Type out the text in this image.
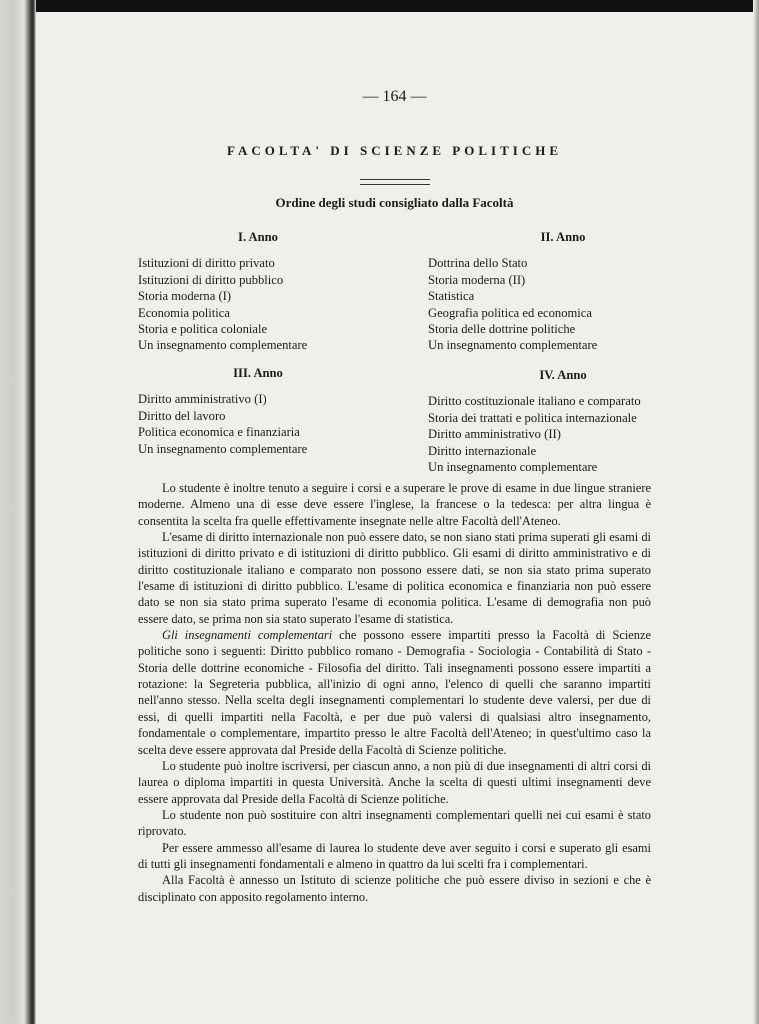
— 164 —
FACOLTA' DI SCIENZE POLITICHE
Ordine degli studi consigliato dalla Facoltà
I. Anno
Istituzioni di diritto privato
Istituzioni di diritto pubblico
Storia moderna (I)
Economia politica
Storia e politica coloniale
Un insegnamento complementare
II. Anno
Dottrina dello Stato
Storia moderna (II)
Statistica
Geografia politica ed economica
Storia delle dottrine politiche
Un insegnamento complementare
III. Anno
Diritto amministrativo (I)
Diritto del lavoro
Politica economica e finanziaria
Un insegnamento complementare
IV. Anno
Diritto costituzionale italiano e comparato
Storia dei trattati e politica internazionale
Diritto amministrativo (II)
Diritto internazionale
Un insegnamento complementare

Lo studente è inoltre tenuto a seguire i corsi e a superare le prove di esame in due lingue straniere moderne. Almeno una di esse deve essere l'inglese, la francese o la tedesca: per altra lingua è consentita la scelta fra quelle effettivamente insegnate nelle altre Facoltà dell'Ateneo.

L'esame di diritto internazionale non può essere dato, se non siano stati prima superati gli esami di istituzioni di diritto privato e di istituzioni di diritto pubblico. Gli esami di diritto amministrativo e di diritto costituzionale italiano e comparato non possono essere dati, se non sia stato prima superato l'esame di istituzioni di diritto pubblico. L'esame di politica economica e finanziaria non può essere dato se non sia stato prima superato l'esame di economia politica. L'esame di demografia non può essere dato, se prima non sia stato superato l'esame di statistica.

Gli insegnamenti complementari che possono essere impartiti presso la Facoltà di Scienze politiche sono i seguenti: Diritto pubblico romano - Demografia - Sociologia - Contabilità di Stato - Storia delle dottrine economiche - Filosofia del diritto. Tali insegnamenti possono essere impartiti a rotazione: la Segreteria pubblica, all'inizio di ogni anno, l'elenco di quelli che saranno impartiti nell'anno stesso. Nella scelta degli insegnamenti complementari lo studente deve valersi, per due di essi, di quelli impartiti nella Facoltà, e per due può valersi di qualsiasi altro insegnamento, fondamentale o complementare, impartito presso le altre Facoltà dell'Ateneo; in quest'ultimo caso la scelta deve essere approvata dal Preside della Facoltà di Scienze politiche.

Lo studente può inoltre iscriversi, per ciascun anno, a non più di due insegnamenti di altri corsi di laurea o diploma impartiti in questa Università. Anche la scelta di questi ultimi insegnamenti deve essere approvata dal Preside della Facoltà di Scienze politiche.

Lo studente non può sostituire con altri insegnamenti complementari quelli nei cui esami è stato riprovato.

Per essere ammesso all'esame di laurea lo studente deve aver seguito i corsi e superato gli esami di tutti gli insegnamenti fondamentali e almeno in quattro da lui scelti fra i complementari.

Alla Facoltà è annesso un Istituto di scienze politiche che può essere diviso in sezioni e che è disciplinato con apposito regolamento interno.
